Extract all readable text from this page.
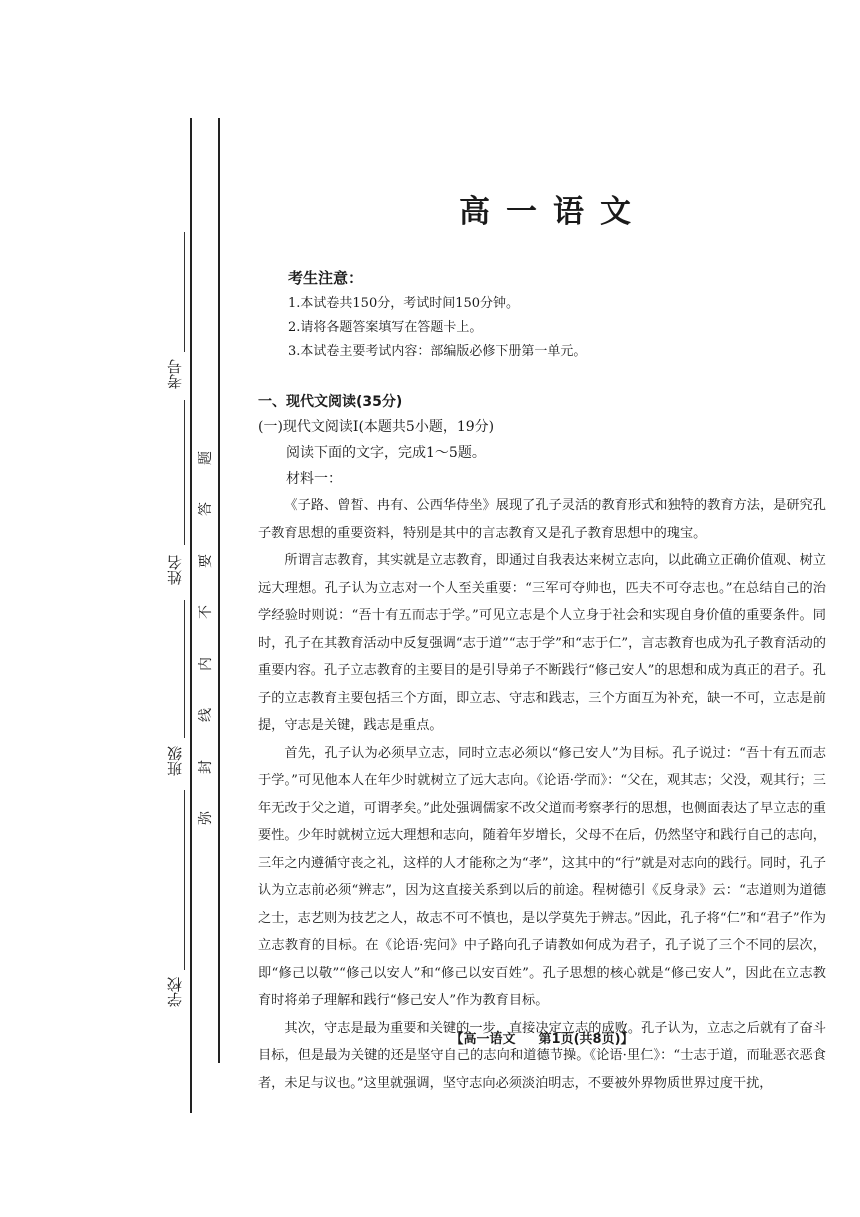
考号
姓名
班级
学校
弥
封
线
内
不
要
答
题
高一语文
考生注意：
1.本试卷共150分，考试时间150分钟。
2.请将各题答案填写在答题卡上。
3.本试卷主要考试内容：部编版必修下册第一单元。
一、现代文阅读(35分)
(一)现代文阅读Ⅰ(本题共5小题，19分)
阅读下面的文字，完成1～5题。
材料一：

《子路、曾皙、冉有、公西华侍坐》展现了孔子灵活的教育形式和独特的教育方法，是研究孔子教育思想的重要资料，特别是其中的言志教育又是孔子教育思想中的瑰宝。

所谓言志教育，其实就是立志教育，即通过自我表达来树立志向，以此确立正确价值观、树立远大理想。孔子认为立志对一个人至关重要：“三军可夺帅也，匹夫不可夺志也。”在总结自己的治学经验时则说：“吾十有五而志于学。”可见立志是个人立身于社会和实现自身价值的重要条件。同时，孔子在其教育活动中反复强调“志于道”“志于学”和“志于仁”，言志教育也成为孔子教育活动的重要内容。孔子立志教育的主要目的是引导弟子不断践行“修己安人”的思想和成为真正的君子。孔子的立志教育主要包括三个方面，即立志、守志和践志，三个方面互为补充，缺一不可，立志是前提，守志是关键，践志是重点。

首先，孔子认为必须早立志，同时立志必须以“修己安人”为目标。孔子说过：“吾十有五而志于学。”可见他本人在年少时就树立了远大志向。《论语·学而》：“父在，观其志；父没，观其行；三年无改于父之道，可谓孝矣。”此处强调儒家不改父道而考察孝行的思想，也侧面表达了早立志的重要性。少年时就树立远大理想和志向，随着年岁增长，父母不在后，仍然坚守和践行自己的志向，三年之内遵循守丧之礼，这样的人才能称之为“孝”，这其中的“行”就是对志向的践行。同时，孔子认为立志前必须“辨志”，因为这直接关系到以后的前途。程树德引《反身录》云：“志道则为道德之士，志艺则为技艺之人，故志不可不慎也，是以学莫先于辨志。”因此，孔子将“仁”和“君子”作为立志教育的目标。在《论语·宪问》中子路向孔子请教如何成为君子，孔子说了三个不同的层次，即“修己以敬”“修己以安人”和“修己以安百姓”。孔子思想的核心就是“修己安人”，因此在立志教育时将弟子理解和践行“修己安人”作为教育目标。

其次，守志是最为重要和关键的一步，直接决定立志的成败。孔子认为，立志之后就有了奋斗目标，但是最为关键的还是坚守自己的志向和道德节操。《论语·里仁》：“士志于道，而耻恶衣恶食者，未足与议也。”这里就强调，坚守志向必须淡泊明志，不要被外界物质世界过度干扰，

【高一语文 第1页(共8页)】
